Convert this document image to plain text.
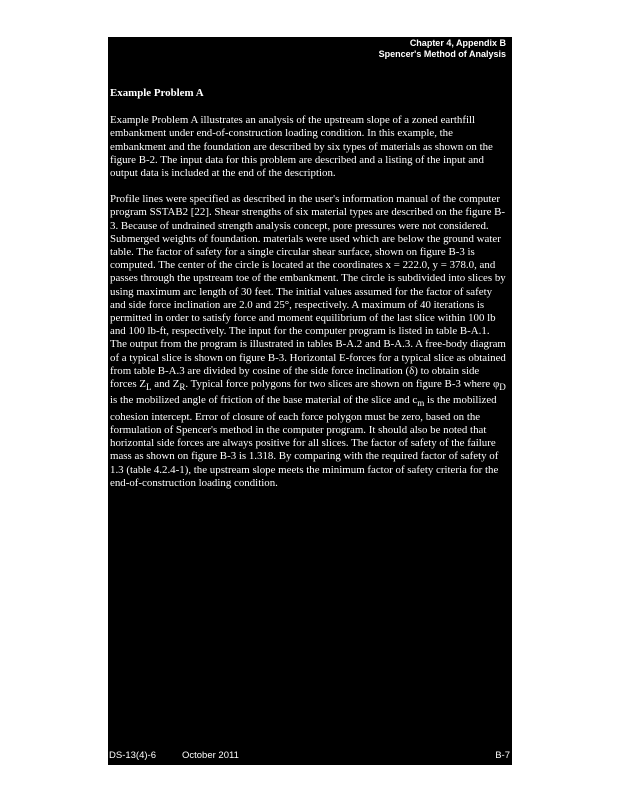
Chapter 4, Appendix B
Spencer's Method of Analysis
Example Problem A

Example Problem A illustrates an analysis of the upstream slope of a zoned earthfill embankment under end-of-construction loading condition. In this example, the embankment and the foundation are described by six types of materials as shown on the figure B-2. The input data for this problem are described and a listing of the input and output data is included at the end of the description.

Profile lines were specified as described in the user's information manual of the computer program SSTAB2 [22]. Shear strengths of six material types are described on the figure B-3. Because of undrained strength analysis concept, pore pressures were not considered. Submerged weights of foundation. materials were used which are below the ground water table. The factor of safety for a single circular shear surface, shown on figure B-3 is computed. The center of the circle is located at the coordinates x = 222.0, y = 378.0, and passes through the upstream toe of the embankment. The circle is subdivided into slices by using maximum arc length of 30 feet. The initial values assumed for the factor of safety and side force inclination are 2.0 and 25°, respectively. A maximum of 40 iterations is permitted in order to satisfy force and moment equilibrium of the last slice within 100 lb and 100 lb-ft, respectively. The input for the computer program is listed in table B-A.1. The output from the program is illustrated in tables B-A.2 and B-A.3. A free-body diagram of a typical slice is shown on figure B-3. Horizontal E-forces for a typical slice as obtained from table B-A.3 are divided by cosine of the side force inclination (δ) to obtain side forces $Z_L$ and $Z_R$. Typical force polygons for two slices are shown on figure B-3 where $\varphi_D$ is the mobilized angle of friction of the base material of the slice and $c_m$ is the mobilized cohesion intercept. Error of closure of each force polygon must be zero, based on the formulation of Spencer's method in the computer program. It should also be noted that horizontal side forces are always positive for all slices. The factor of safety of the failure mass as shown on figure B-3 is 1.318. By comparing with the required factor of safety of 1.3 (table 4.2.4-1), the upstream slope meets the minimum factor of safety criteria for the end-of-construction loading condition.

DS-13(4)-6	October 2011	B-7
